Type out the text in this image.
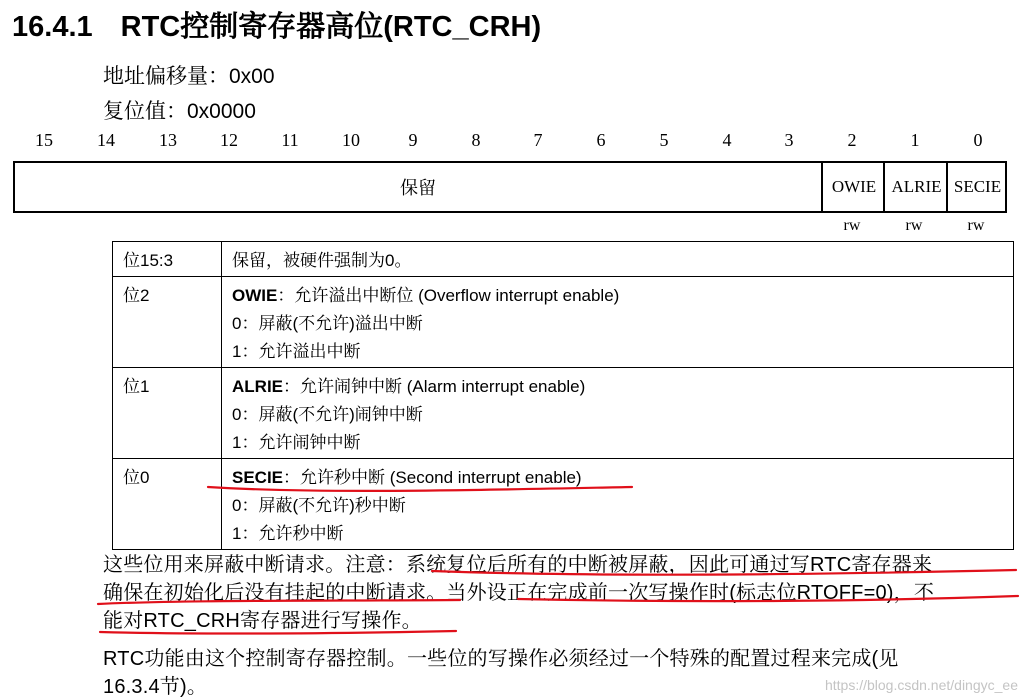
16.4.1 RTC控制寄存器高位(RTC_CRH)
地址偏移量：0x00
复位值：0x0000
15	14	13	12	11	10	9	8	7	6	5	4	3	2	1	0
保留	OWIE ALRIE SECIE
rw	rw	rw
位15:3	保留，被硬件强制为0。

位2	OWIE：允许溢出中断位 (Overflow interrupt enable)
0：屏蔽(不允许)溢出中断
1：允许溢出中断

位1	ALRIE：允许闹钟中断 (Alarm interrupt enable)
0：屏蔽(不允许)闹钟中断
1：允许闹钟中断

位0	SECIE：允许秒中断 (Second interrupt enable)
0：屏蔽(不允许)秒中断
1：允许秒中断
这些位用来屏蔽中断请求。注意：系统复位后所有的中断被屏蔽，因此可通过写RTC寄存器来
确保在初始化后没有挂起的中断请求。当外设正在完成前一次写操作时(标志位RTOFF=0)，不
能对RTC_CRH寄存器进行写操作。
RTC功能由这个控制寄存器控制。一些位的写操作必须经过一个特殊的配置过程来完成(见
16.3.4节)。	https://blog.csdn.net/dingyc_ee
